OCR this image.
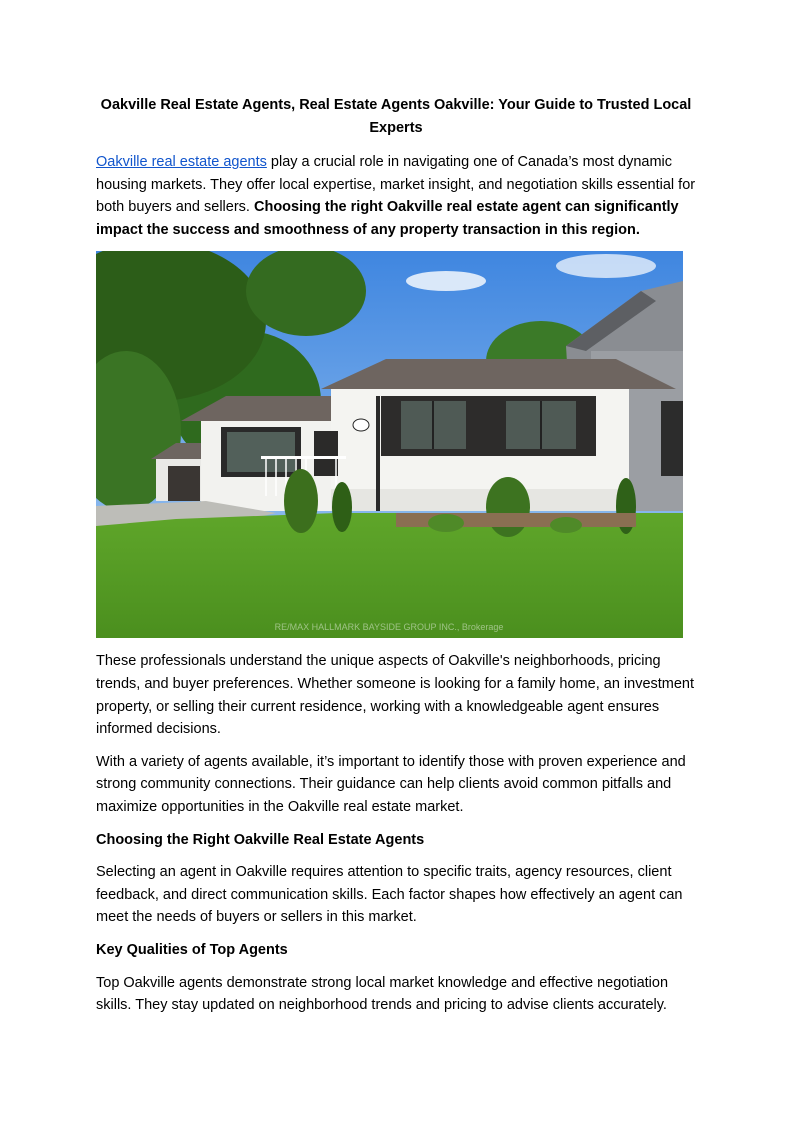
Oakville Real Estate Agents, Real Estate Agents Oakville: Your Guide to Trusted Local Experts

Oakville real estate agents play a crucial role in navigating one of Canada’s most dynamic housing markets. They offer local expertise, market insight, and negotiation skills essential for both buyers and sellers. Choosing the right Oakville real estate agent can significantly impact the success and smoothness of any property transaction in this region.

RE/MAX HALLMARK BAYSIDE GROUP INC., Brokerage

These professionals understand the unique aspects of Oakville's neighborhoods, pricing trends, and buyer preferences. Whether someone is looking for a family home, an investment property, or selling their current residence, working with a knowledgeable agent ensures informed decisions.

With a variety of agents available, it’s important to identify those with proven experience and strong community connections. Their guidance can help clients avoid common pitfalls and maximize opportunities in the Oakville real estate market.

Choosing the Right Oakville Real Estate Agents

Selecting an agent in Oakville requires attention to specific traits, agency resources, client feedback, and direct communication skills. Each factor shapes how effectively an agent can meet the needs of buyers or sellers in this market.

Key Qualities of Top Agents

Top Oakville agents demonstrate strong local market knowledge and effective negotiation skills. They stay updated on neighborhood trends and pricing to advise clients accurately.
